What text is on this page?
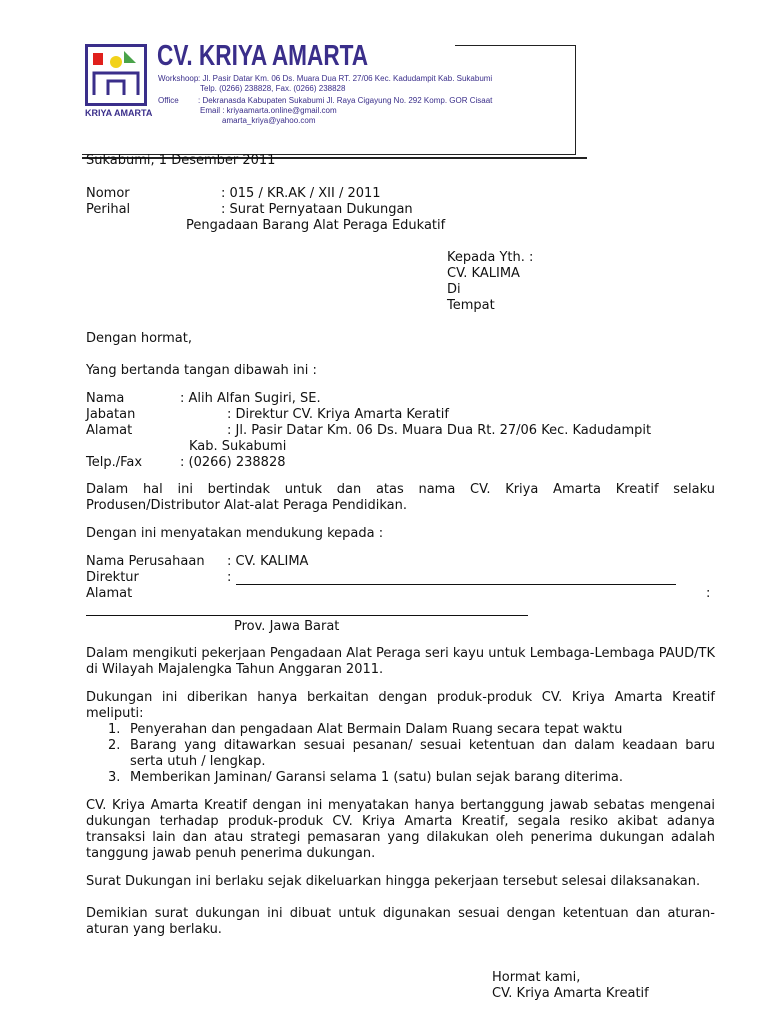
KRIYA AMARTA
CV. KRIYA AMARTA
Workshoop : Jl. Pasir Datar Km. 06 Ds. Muara Dua RT. 27/06 Kec. Kadudampit Kab. Sukabumi
Telp. (0266) 238828, Fax. (0266) 238828
Office : Dekranasda Kabupaten Sukabumi Jl. Raya Cigayung No. 292 Komp. GOR Cisaat
Email : kriyaamarta.online@gmail.com
amarta_kriya@yahoo.com
Sukabumi, 1 Desember 2011
Nomor	: 015 / KR.AK / XII / 2011
Perihal	: Surat Pernyataan Dukungan
Pengadaan Barang Alat Peraga Edukatif
Kepada Yth. :
CV. KALIMA
Di
Tempat
Dengan hormat,
Yang bertanda tangan dibawah ini :
Nama	: Alih Alfan Sugiri, SE.
Jabatan	: Direktur CV. Kriya Amarta Keratif
Alamat	: Jl. Pasir Datar Km. 06 Ds. Muara Dua Rt. 27/06 Kec. Kadudampit
Kab. Sukabumi
Telp./Fax	: (0266) 238828
Dalam hal ini bertindak untuk dan atas nama CV. Kriya Amarta Kreatif selaku Produsen/Distributor Alat-alat Peraga Pendidikan.
Dengan ini menyatakan mendukung kepada :
Nama Perusahaan : CV. KALIMA
Direktur	:
Alamat	:
Prov. Jawa Barat
Dalam mengikuti pekerjaan Pengadaan Alat Peraga seri kayu untuk Lembaga-Lembaga PAUD/TK di Wilayah Majalengka Tahun Anggaran 2011.
Dukungan ini diberikan hanya berkaitan dengan produk-produk CV. Kriya Amarta Kreatif meliputi:
1. Penyerahan dan pengadaan Alat Bermain Dalam Ruang secara tepat waktu
2. Barang yang ditawarkan sesuai pesanan/ sesuai ketentuan dan dalam keadaan baru serta utuh / lengkap.
3. Memberikan Jaminan/ Garansi selama 1 (satu) bulan sejak barang diterima.
CV. Kriya Amarta Kreatif dengan ini menyatakan hanya bertanggung jawab sebatas mengenai dukungan terhadap produk-produk CV. Kriya Amarta Kreatif, segala resiko akibat adanya transaksi lain dan atau strategi pemasaran yang dilakukan oleh penerima dukungan adalah tanggung jawab penuh penerima dukungan.
Surat Dukungan ini berlaku sejak dikeluarkan hingga pekerjaan tersebut selesai dilaksanakan.
Demikian surat dukungan ini dibuat untuk digunakan sesuai dengan ketentuan dan aturan-aturan yang berlaku.
Hormat kami,
CV. Kriya Amarta Kreatif
